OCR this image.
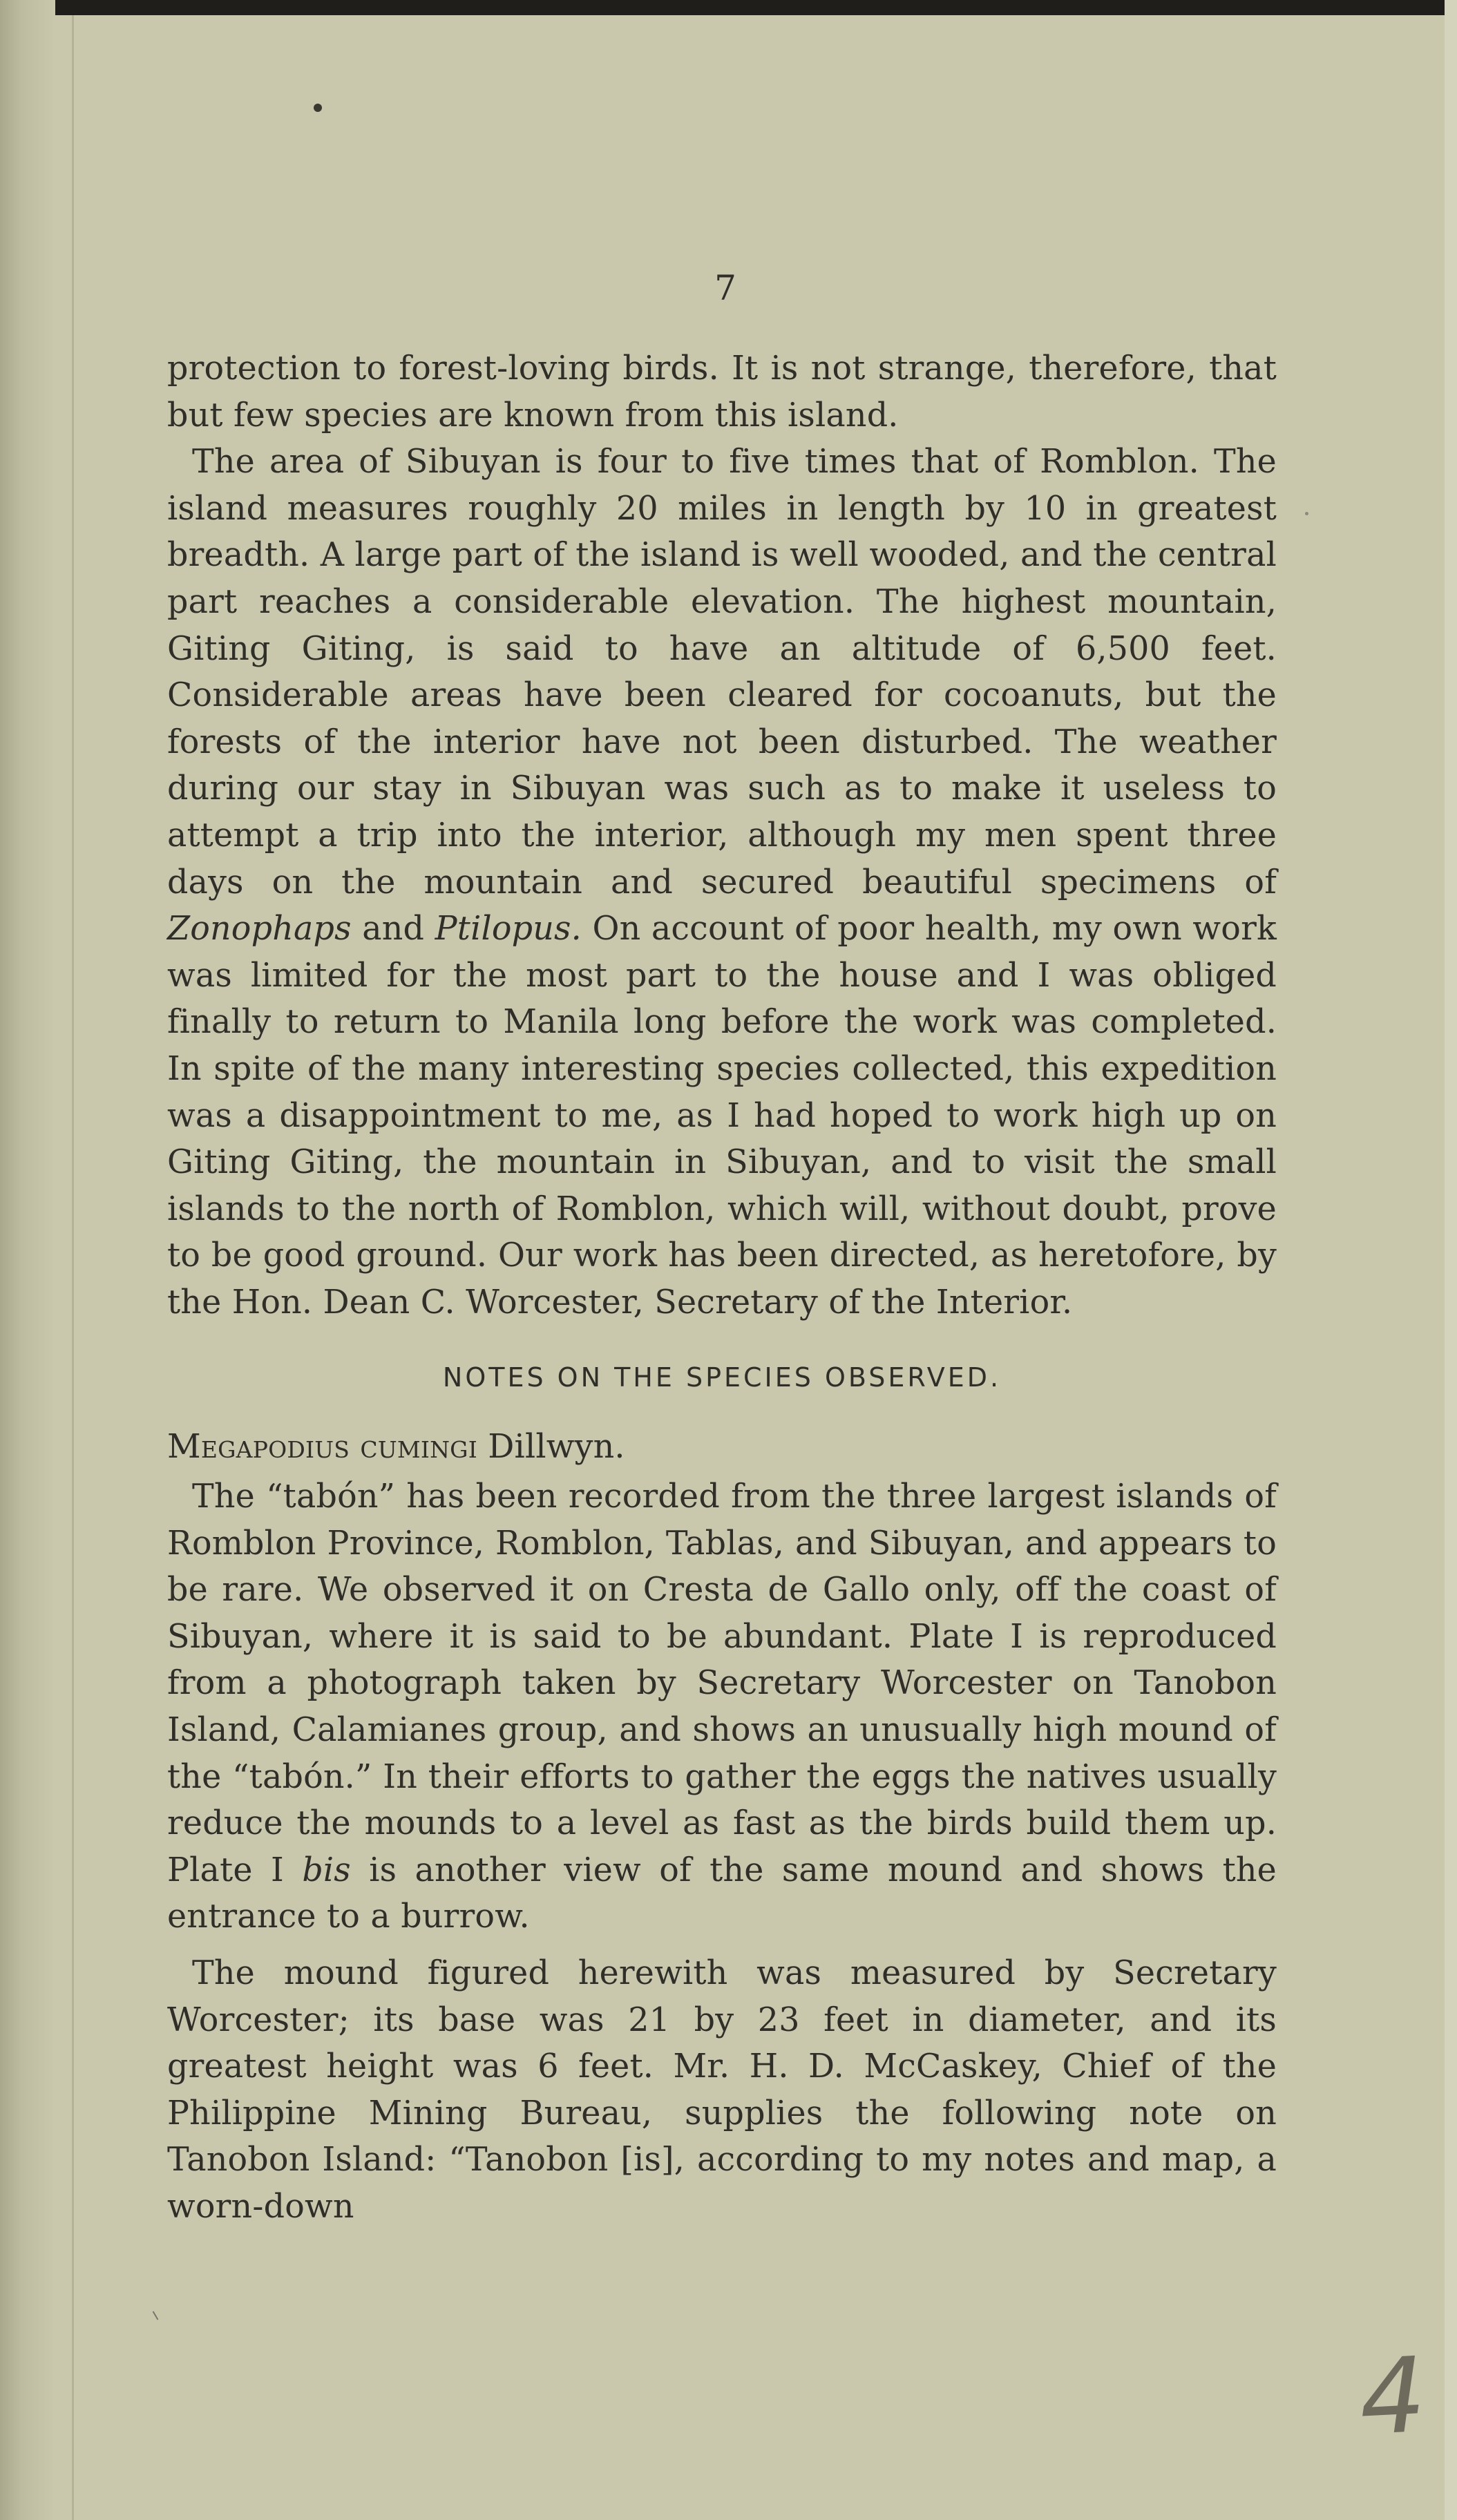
7

protection to forest-loving birds. It is not strange, therefore, that but few species are known from this island.

The area of Sibuyan is four to five times that of Romblon. The island measures roughly 20 miles in length by 10 in greatest breadth. A large part of the island is well wooded, and the central part reaches a considerable elevation. The highest mountain, Giting Giting, is said to have an altitude of 6,500 feet. Considerable areas have been cleared for cocoanuts, but the forests of the interior have not been disturbed. The weather during our stay in Sibuyan was such as to make it useless to attempt a trip into the interior, although my men spent three days on the mountain and secured beautiful specimens of Zonophaps and Ptilopus. On account of poor health, my own work was limited for the most part to the house and I was obliged finally to return to Manila long before the work was completed. In spite of the many interesting species collected, this expedition was a disappointment to me, as I had hoped to work high up on Giting Giting, the mountain in Sibuyan, and to visit the small islands to the north of Romblon, which will, without doubt, prove to be good ground. Our work has been directed, as heretofore, by the Hon. Dean C. Worcester, Secretary of the Interior.

NOTES ON THE SPECIES OBSERVED.

Megapodius cumingi Dillwyn.

The “tabón” has been recorded from the three largest islands of Romblon Province, Romblon, Tablas, and Sibuyan, and appears to be rare. We observed it on Cresta de Gallo only, off the coast of Sibuyan, where it is said to be abundant. Plate I is reproduced from a photograph taken by Secretary Worcester on Tanobon Island, Calamianes group, and shows an unusually high mound of the “tabón.” In their efforts to gather the eggs the natives usually reduce the mounds to a level as fast as the birds build them up. Plate I bis is another view of the same mound and shows the entrance to a burrow.

The mound figured herewith was measured by Secretary Worcester; its base was 21 by 23 feet in diameter, and its greatest height was 6 feet. Mr. H. D. McCaskey, Chief of the Philippine Mining Bureau, supplies the following note on Tanobon Island: “Tanobon [is], according to my notes and map, a worn-down

4
